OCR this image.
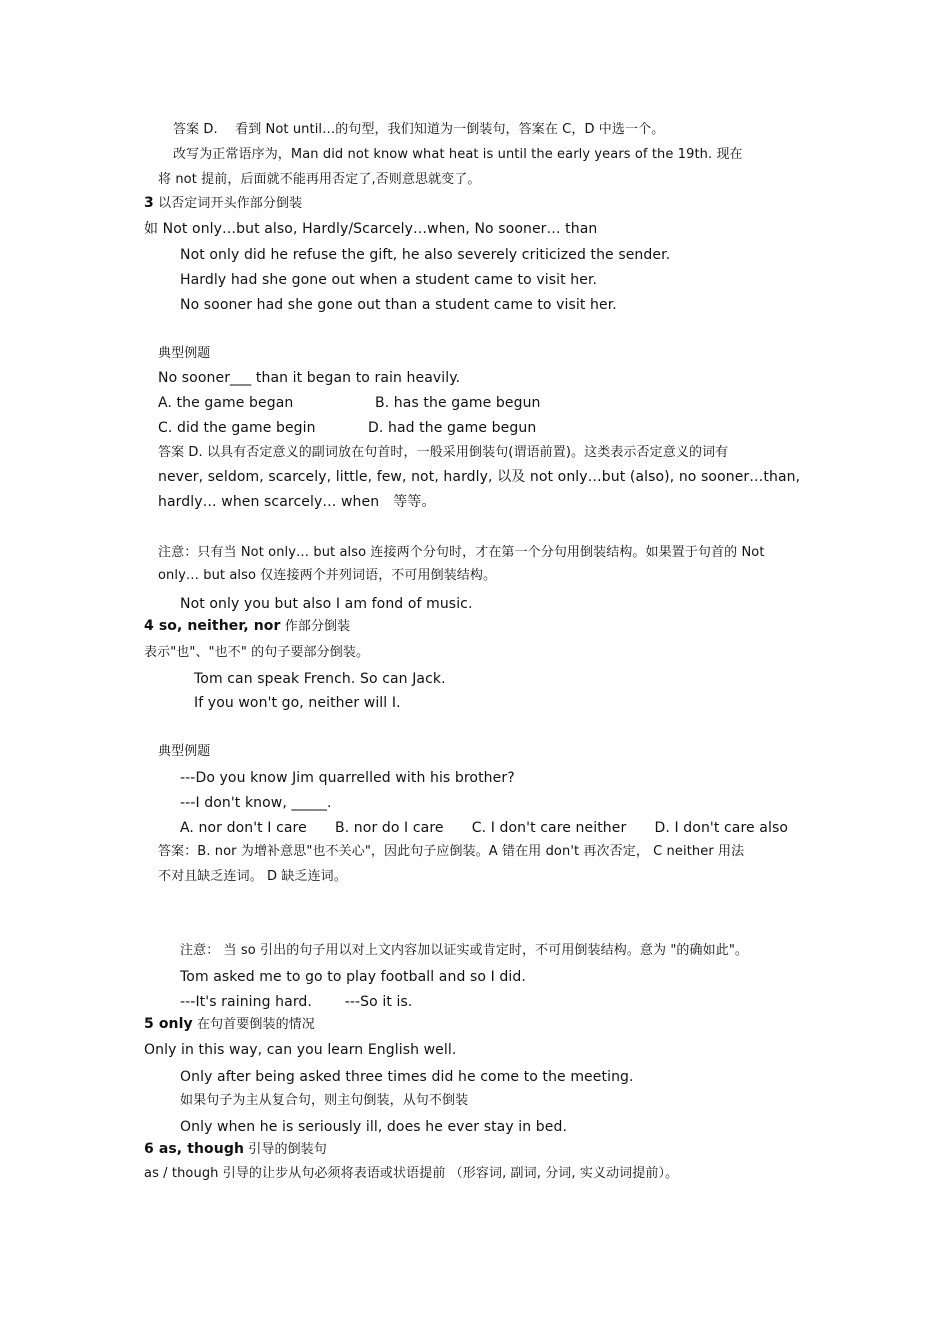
答案 D.　 看到 Not until…的句型，我们知道为一倒装句，答案在 C，D 中选一个。
改写为正常语序为，Man did not know what heat is until the early years of the 19th. 现在
将 not 提前，后面就不能再用否定了,否则意思就变了。
3 以否定词开头作部分倒装
如 Not only…but also, Hardly/Scarcely…when, No sooner… than
Not only did he refuse the gift, he also severely criticized the sender.
Hardly had she gone out when a student came to visit her.
No sooner had she gone out than a student came to visit her.
典型例题
No sooner___ than it began to rain heavily.
A. the game began	B. has the game begun
C. did the game begin	D. had the game begun
答案 D. 以具有否定意义的副词放在句首时，一般采用倒装句(谓语前置)。这类表示否定意义的词有
never, seldom, scarcely, little, few, not, hardly, 以及 not only…but (also), no sooner…than,
hardly… when scarcely… when　等等。
注意：只有当 Not only… but also 连接两个分句时，才在第一个分句用倒装结构。如果置于句首的 Not
only… but also 仅连接两个并列词语，不可用倒装结构。
Not only you but also I am fond of music.
4 so, neither, nor 作部分倒装
表示"也"、"也不" 的句子要部分倒装。
Tom can speak French. So can Jack.
If you won't go, neither will I.
典型例题
---Do you know Jim quarrelled with his brother?
---I don't know, _____.
A. nor don't I care　　B. nor do I care　　C. I don't care neither　　D. I don't care also
答案：B. nor 为增补意思"也不关心"，因此句子应倒装。A 错在用 don't 再次否定， C neither 用法
不对且缺乏连词。 D 缺乏连词。
注意： 当 so 引出的句子用以对上文内容加以证实或肯定时，不可用倒装结构。意为 "的确如此"。
Tom asked me to go to play football and so I did.
---It's raining hard.　　 ---So it is.
5 only 在句首要倒装的情况
Only in this way, can you learn English well.
Only after being asked three times did he come to the meeting.
如果句子为主从复合句，则主句倒装，从句不倒装
Only when he is seriously ill, does he ever stay in bed.
6 as, though 引导的倒装句
as / though 引导的让步从句必须将表语或状语提前 （形容词, 副词, 分词, 实义动词提前）。
